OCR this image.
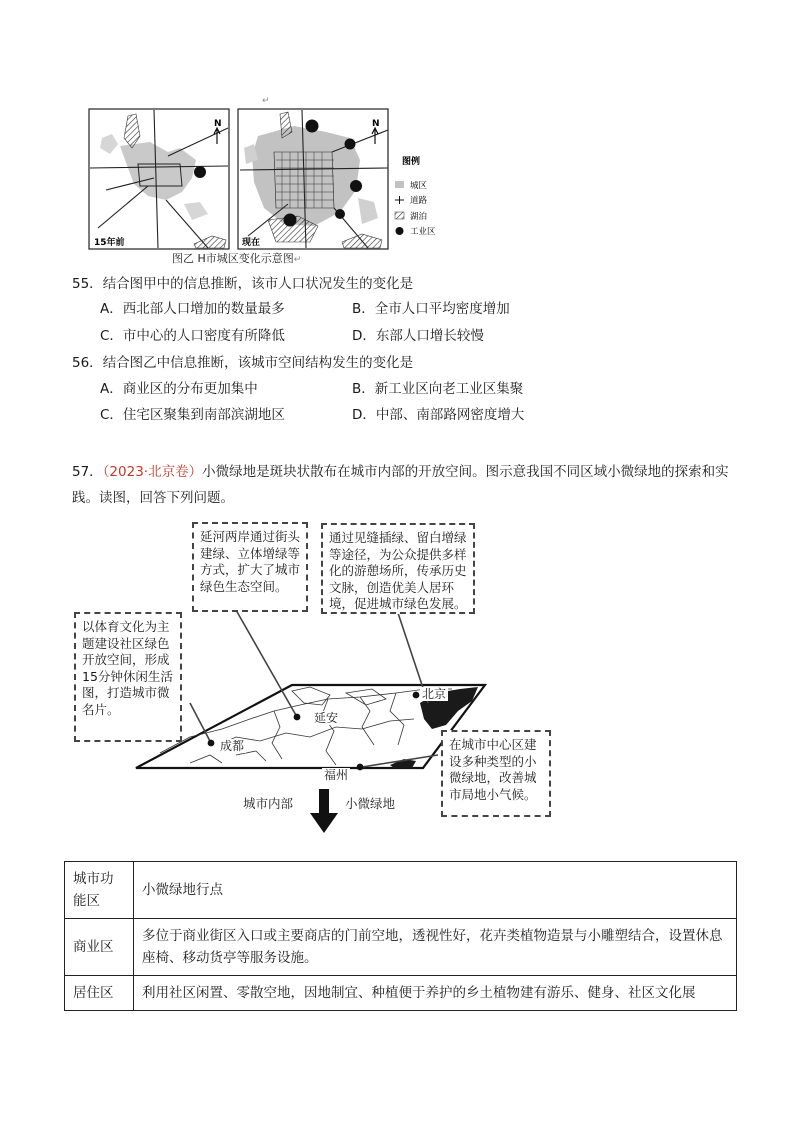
↵
15年前
N
现在
N
图例
城区
道路
湖泊
工业区
图乙 H市城区变化示意图↵
55．结合图甲中的信息推断，该市人口状况发生的变化是
A．西北部人口增加的数量最多	B．全市人口平均密度增加
C．市中心的人口密度有所降低	D．东部人口增长较慢
56．结合图乙中信息推断，该城市空间结构发生的变化是
A．商业区的分布更加集中	B．新工业区向老工业区集聚
C．住宅区聚集到南部滨湖地区	D．中部、南部路网密度增大
57．（2023·北京卷）小微绿地是斑块状散布在城市内部的开放空间。图示意我国不同区域小微绿地的探索和实践。读图，回答下列问题。
延河两岸通过街头建绿、立体增绿等方式，扩大了城市绿色生态空间。
通过见缝插绿、留白增绿等途径，为公众提供多样化的游憩场所，传承历史文脉，创造优美人居环境，促进城市绿色发展。
以体育文化为主题建设社区绿色开放空间，形成15分钟休闲生活图，打造城市微名片。
在城市中心区建设多种类型的小微绿地，改善城市局地小气候。
北京
延安
成都
福州
城市内部	小微绿地
城市功能区	小微绿地行点
商业区	多位于商业街区入口或主要商店的门前空地，透视性好，花卉类植物造景与小雕塑结合，设置休息座椅、移动货亭等服务设施。
居住区	利用社区闲置、零散空地，因地制宜、种植便于养护的乡土植物建有游乐、健身、社区文化展
